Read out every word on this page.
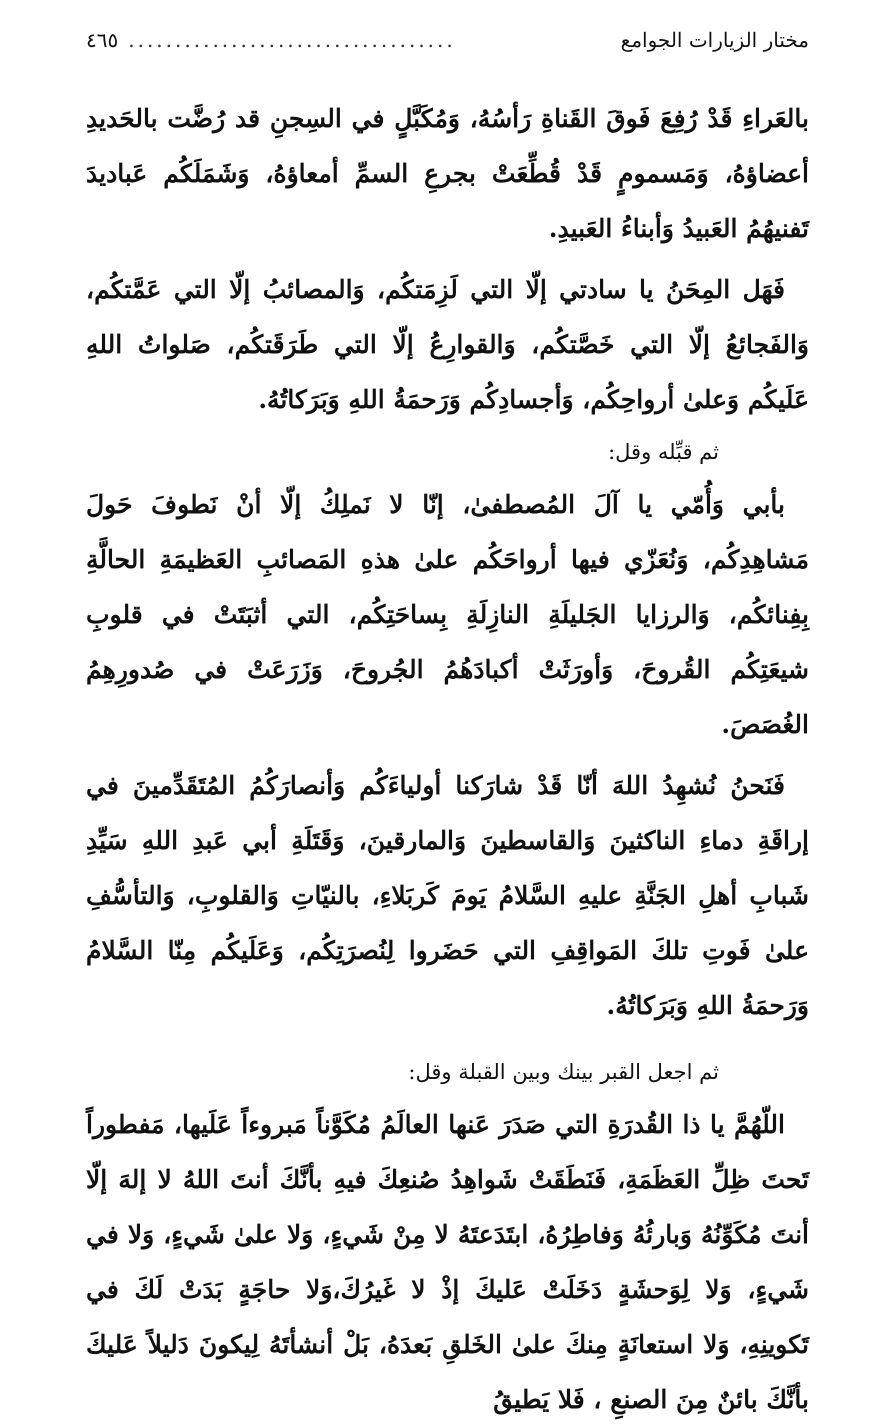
مختار الزيارات الجوامع
...................................
٤٦٥

بالعَراءِ قَدْ رُفِعَ فَوقَ القَناةِ رَأسُهُ، وَمُكَبَّلٍ في السِجنِ قد رُضَّت بالحَديدِ أعضاؤهُ، وَمَسمومٍ قَدْ قُطِّعَتْ بجرعِ السمِّ أمعاؤهُ، وَشَمَلَكُم عَباديدَ تَفنيهُمُ العَبيدُ وَأبناءُ العَبيدِ.

فَهَل المِحَنُ يا سادتي إلّا التي لَزِمَتكُم، وَالمصائبُ إلّا التي عَمَّتكُم، وَالفَجائعُ إلّا التي خَصَّتكُم، وَالقوارِعُ إلّا التي طَرَقَتكُم، صَلواتُ اللهِ عَلَيكُم وَعلىٰ أرواحِكُم، وَأجسادِكُم وَرَحمَةُ اللهِ وَبَرَكاتُهُ.

ثم قبِّله وقل:

بأبي وَأُمّي يا آلَ المُصطفىٰ، إنّا لا نَملِكُ إلّا أنْ نَطوفَ حَولَ مَشاهِدِكُم، وَنُعَزّي فيها أرواحَكُم علىٰ هذهِ المَصائبِ العَظيمَةِ الحالَّةِ بِفِنائكُم، وَالرزايا الجَليلَةِ النازِلَةِ بِساحَتِكُم، التي أثبَتَتْ في قلوبِ شيعَتِكُم القُروحَ، وَأورَثَتْ أكبادَهُمُ الجُروحَ، وَزَرَعَتْ في صُدورِهِمُ الغُصَصَ.

فَنَحنُ نُشهِدُ اللهَ أنّا قَدْ شارَكنا أولياءَكُم وَأنصارَكُمُ المُتَقَدِّمينَ في إراقَةِ دماءِ الناكثينَ وَالقاسطينَ وَالمارقينَ، وَقَتَلَةِ أبي عَبدِ اللهِ سَيِّدِ شَبابِ أهلِ الجَنَّةِ عليهِ السَّلامُ يَومَ كَربَلاءِ، بالنيّاتِ وَالقلوبِ، وَالتأسُّفِ علىٰ فَوتِ تلكَ المَواقِفِ التي حَضَروا لِنُصرَتِكُم، وَعَلَيكُم مِنّا السَّلامُ وَرَحمَةُ اللهِ وَبَرَكاتُهُ.

ثم اجعل القبر بينك وبين القبلة وقل:

اللّهُمَّ يا ذا القُدرَةِ التي صَدَرَ عَنها العالَمُ مُكَوَّناً مَبروءاً عَلَيها، مَفطوراً تَحتَ ظِلِّ العَظَمَةِ، فَنَطَقَتْ شَواهِدُ صُنعِكَ فيهِ بأنَّكَ أنتَ اللهُ لا إلهَ إلّا أنتَ مُكَوِّنُهُ وَبارئُهُ وَفاطِرُهُ، ابتَدَعتَهُ لا مِنْ شَيءٍ، وَلا علىٰ شَيءٍ، وَلا في شَيءٍ، وَلا لِوَحشَةٍ دَخَلَتْ عَليكَ إذْ لا غَيرُكَ،وَلا حاجَةٍ بَدَتْ لَكَ في تَكوينِهِ، وَلا استعانَةٍ مِنكَ علىٰ الخَلقِ بَعدَهُ، بَلْ أنشأتَهُ لِيكونَ دَليلاً عَليكَ بأنَّكَ بائنٌ مِنَ الصنعِ ، فَلا يَطيقُ
